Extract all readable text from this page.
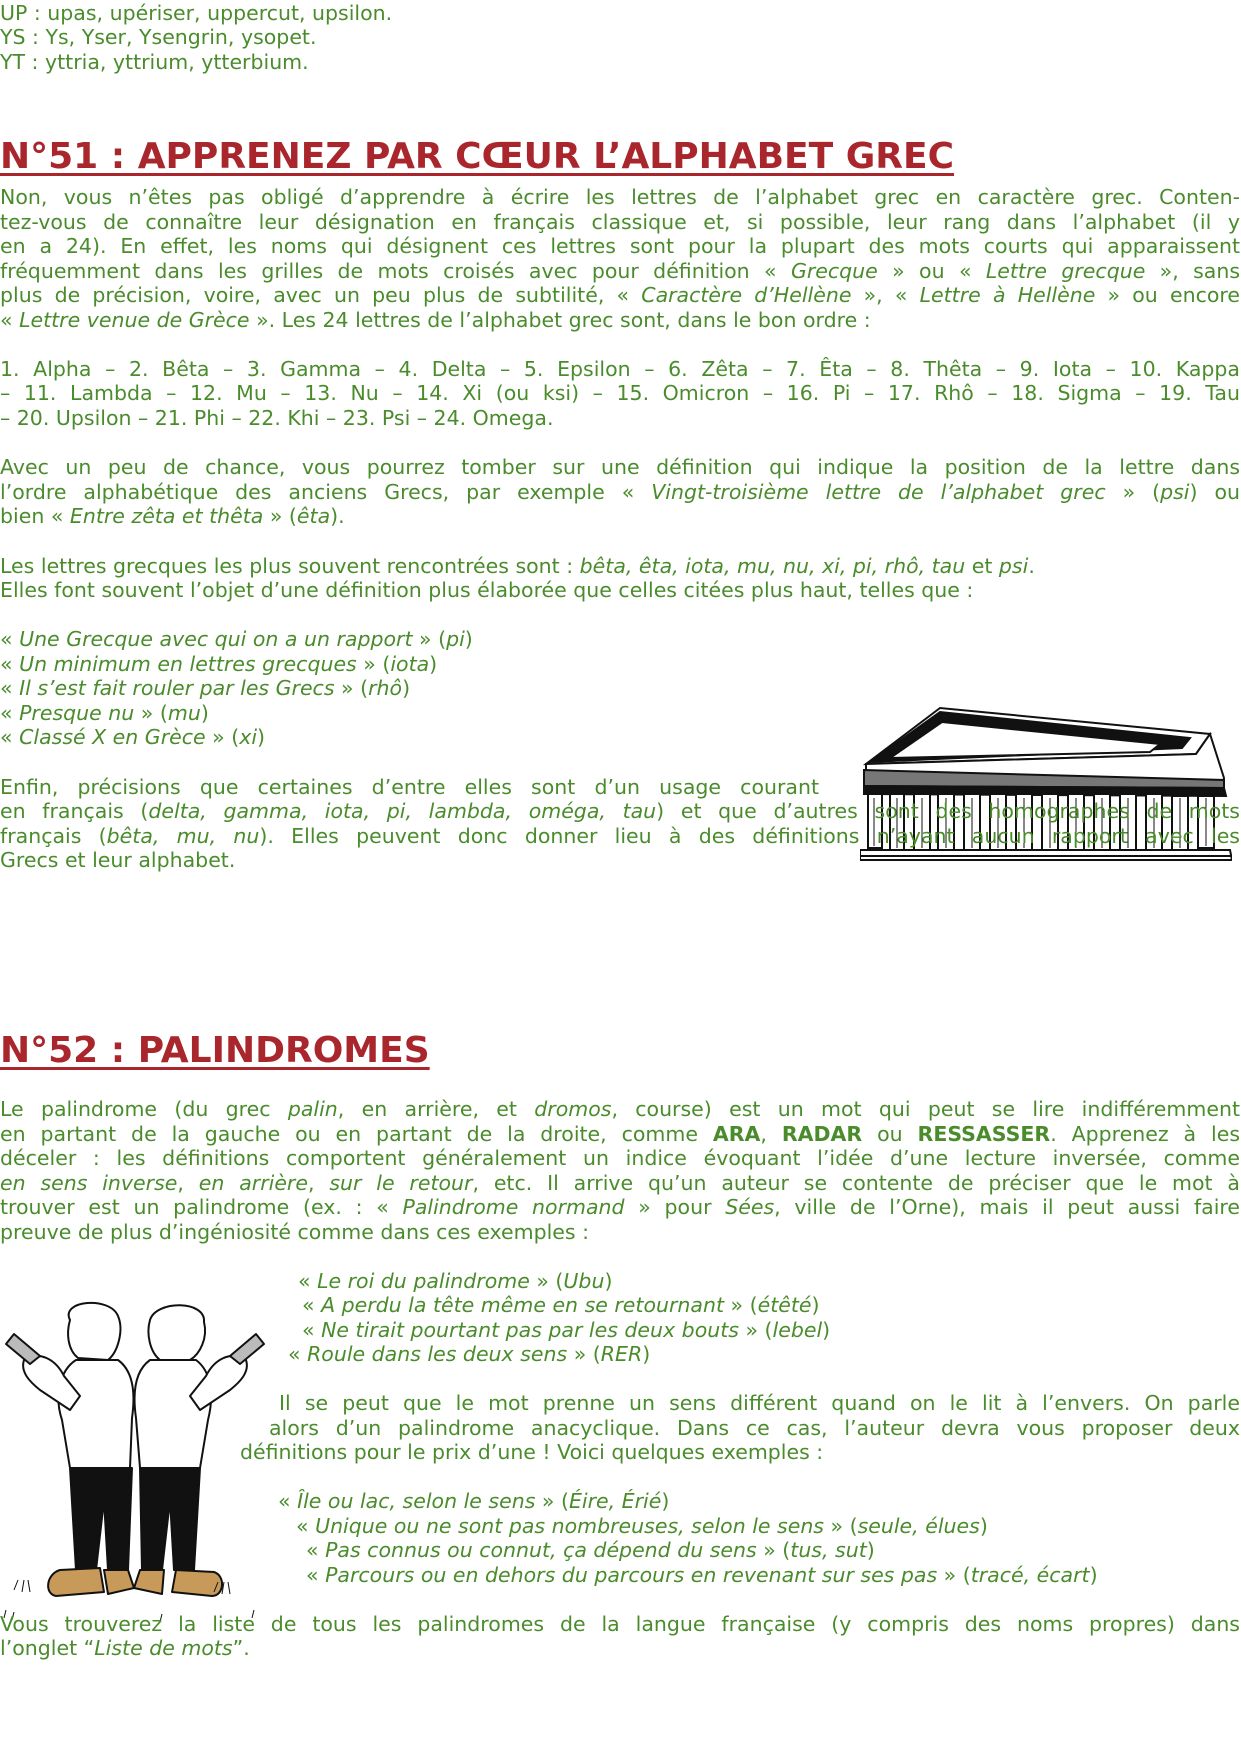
UP : upas, upériser, uppercut, upsilon.
YS : Ys, Yser, Ysengrin, ysopet.
YT : yttria, yttrium, ytterbium.
N°51 : APPRENEZ PAR CŒUR L’ALPHABET GREC
Non, vous n’êtes pas obligé d’apprendre à écrire les lettres de l’alphabet grec en caractère grec. Conten-
tez-vous de connaître leur désignation en français classique et, si possible, leur rang dans l’alphabet (il y
en a 24). En effet, les noms qui désignent ces lettres sont pour la plupart des mots courts qui apparaissent
fréquemment dans les grilles de mots croisés avec pour définition « Grecque » ou « Lettre grecque », sans
plus de précision, voire, avec un peu plus de subtilité, « Caractère d’Hellène », « Lettre à Hellène » ou encore
« Lettre venue de Grèce ». Les 24 lettres de l’alphabet grec sont, dans le bon ordre :
1. Alpha – 2. Bêta – 3. Gamma – 4. Delta – 5. Epsilon – 6. Zêta – 7. Êta – 8. Thêta – 9. Iota – 10. Kappa
– 11. Lambda – 12. Mu – 13. Nu – 14. Xi (ou ksi) – 15. Omicron – 16. Pi – 17. Rhô – 18. Sigma – 19. Tau
– 20. Upsilon – 21. Phi – 22. Khi – 23. Psi – 24. Omega.
Avec un peu de chance, vous pourrez tomber sur une définition qui indique la position de la lettre dans
l’ordre alphabétique des anciens Grecs, par exemple « Vingt-troisième lettre de l’alphabet grec » (psi) ou
bien « Entre zêta et thêta » (êta).
Les lettres grecques les plus souvent rencontrées sont : bêta, êta, iota, mu, nu, xi, pi, rhô, tau et psi.
Elles font souvent l’objet d’une définition plus élaborée que celles citées plus haut, telles que :
« Une Grecque avec qui on a un rapport » (pi)
« Un minimum en lettres grecques » (iota)
« Il s’est fait rouler par les Grecs » (rhô)
« Presque nu » (mu)
« Classé X en Grèce » (xi)
Enfin, précisions que certaines d’entre elles sont d’un usage courant
en français (delta, gamma, iota, pi, lambda, oméga, tau) et que d’autres sont des homographes de mots
français (bêta, mu, nu). Elles peuvent donc donner lieu à des définitions n’ayant aucun rapport avec les
Grecs et leur alphabet.
N°52 : PALINDROMES
Le palindrome (du grec palin, en arrière, et dromos, course) est un mot qui peut se lire indifféremment
en partant de la gauche ou en partant de la droite, comme ARA, RADAR ou RESSASSER. Apprenez à les
déceler : les définitions comportent généralement un indice évoquant l’idée d’une lecture inversée, comme
en sens inverse, en arrière, sur le retour, etc. Il arrive qu’un auteur se contente de préciser que le mot à
trouver est un palindrome (ex. : « Palindrome normand » pour Sées, ville de l’Orne), mais il peut aussi faire
preuve de plus d’ingéniosité comme dans ces exemples :
« Le roi du palindrome » (Ubu)
« A perdu la tête même en se retournant » (étêté)
« Ne tirait pourtant pas par les deux bouts » (lebel)
« Roule dans les deux sens » (RER)
Il se peut que le mot prenne un sens différent quand on le lit à l’envers. On parle
alors d’un palindrome anacyclique. Dans ce cas, l’auteur devra vous proposer deux
définitions pour le prix d’une ! Voici quelques exemples :
« Île ou lac, selon le sens » (Éire, Érié)
« Unique ou ne sont pas nombreuses, selon le sens » (seule, élues)
« Pas connus ou connut, ça dépend du sens » (tus, sut)
« Parcours ou en dehors du parcours en revenant sur ses pas » (tracé, écart)
Vous trouverez la liste de tous les palindromes de la langue française (y compris des noms propres) dans
l’onglet “Liste de mots”.
